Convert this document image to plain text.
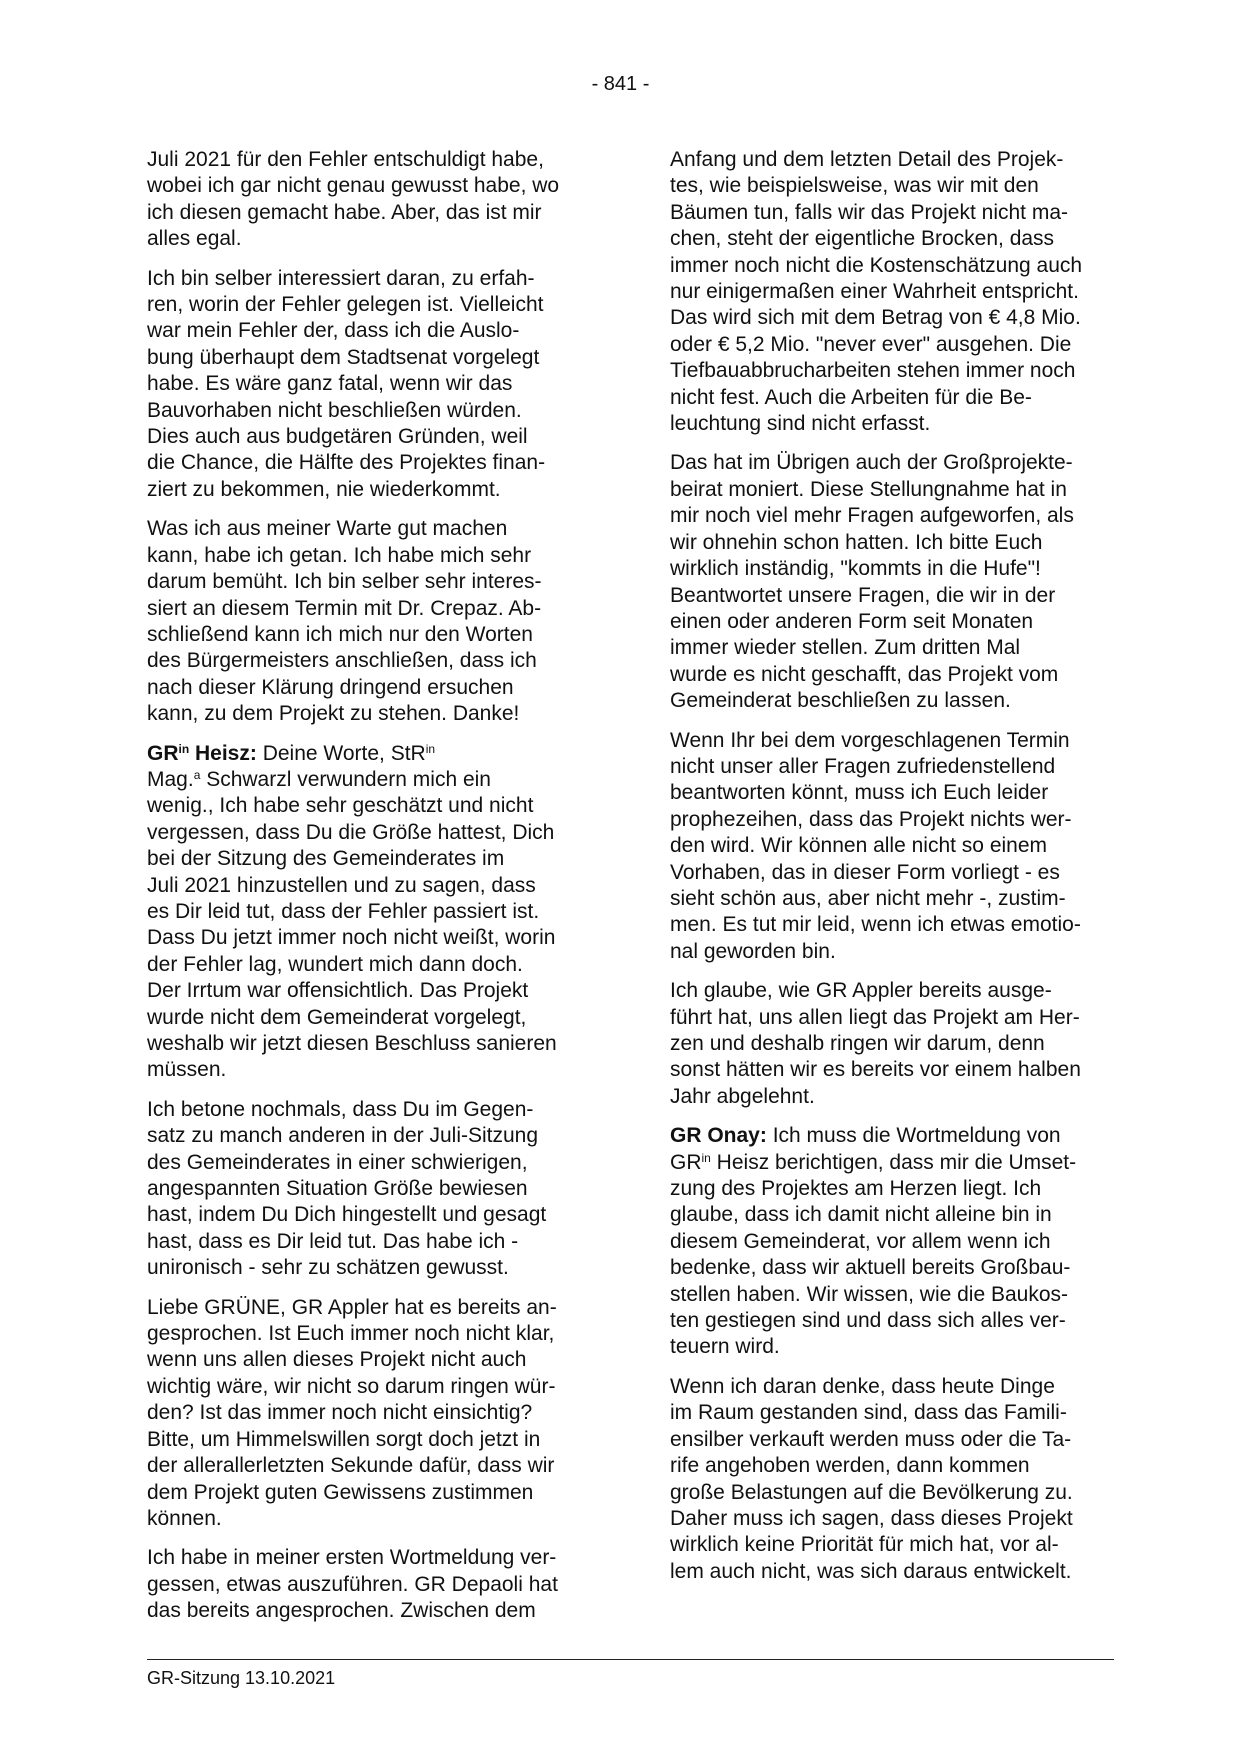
- 841 -

Juli 2021 für den Fehler entschuldigt habe,
wobei ich gar nicht genau gewusst habe, wo
ich diesen gemacht habe. Aber, das ist mir
alles egal.

Ich bin selber interessiert daran, zu erfah-
ren, worin der Fehler gelegen ist. Vielleicht
war mein Fehler der, dass ich die Auslo-
bung überhaupt dem Stadtsenat vorgelegt
habe. Es wäre ganz fatal, wenn wir das
Bauvorhaben nicht beschließen würden.
Dies auch aus budgetären Gründen, weil
die Chance, die Hälfte des Projektes finan-
ziert zu bekommen, nie wiederkommt.

Was ich aus meiner Warte gut machen
kann, habe ich getan. Ich habe mich sehr
darum bemüht. Ich bin selber sehr interes-
siert an diesem Termin mit Dr. Crepaz. Ab-
schließend kann ich mich nur den Worten
des Bürgermeisters anschließen, dass ich
nach dieser Klärung dringend ersuchen
kann, zu dem Projekt zu stehen. Danke!

$GR^{in}$ Heisz: Deine Worte, StR$^{in}$
Mag.$^a$ Schwarzl verwundern mich ein
wenig., Ich habe sehr geschätzt und nicht
vergessen, dass Du die Größe hattest, Dich
bei der Sitzung des Gemeinderates im
Juli 2021 hinzustellen und zu sagen, dass
es Dir leid tut, dass der Fehler passiert ist.
Dass Du jetzt immer noch nicht weißt, worin
der Fehler lag, wundert mich dann doch.
Der Irrtum war offensichtlich. Das Projekt
wurde nicht dem Gemeinderat vorgelegt,
weshalb wir jetzt diesen Beschluss sanieren
müssen.

Ich betone nochmals, dass Du im Gegen-
satz zu manch anderen in der Juli-Sitzung
des Gemeinderates in einer schwierigen,
angespannten Situation Größe bewiesen
hast, indem Du Dich hingestellt und gesagt
hast, dass es Dir leid tut. Das habe ich -
unironisch - sehr zu schätzen gewusst.

Liebe GRÜNE, GR Appler hat es bereits an-
gesprochen. Ist Euch immer noch nicht klar,
wenn uns allen dieses Projekt nicht auch
wichtig wäre, wir nicht so darum ringen wür-
den? Ist das immer noch nicht einsichtig?
Bitte, um Himmelswillen sorgt doch jetzt in
der allerallerletzten Sekunde dafür, dass wir
dem Projekt guten Gewissens zustimmen
können.

Ich habe in meiner ersten Wortmeldung ver-
gessen, etwas auszuführen. GR Depaoli hat
das bereits angesprochen. Zwischen dem

Anfang und dem letzten Detail des Projek-
tes, wie beispielsweise, was wir mit den
Bäumen tun, falls wir das Projekt nicht ma-
chen, steht der eigentliche Brocken, dass
immer noch nicht die Kostenschätzung auch
nur einigermaßen einer Wahrheit entspricht.
Das wird sich mit dem Betrag von € 4,8 Mio.
oder € 5,2 Mio. "never ever" ausgehen. Die
Tiefbauabbrucharbeiten stehen immer noch
nicht fest. Auch die Arbeiten für die Be-
leuchtung sind nicht erfasst.

Das hat im Übrigen auch der Großprojekte-
beirat moniert. Diese Stellungnahme hat in
mir noch viel mehr Fragen aufgeworfen, als
wir ohnehin schon hatten. Ich bitte Euch
wirklich inständig, "kommts in die Hufe"!
Beantwortet unsere Fragen, die wir in der
einen oder anderen Form seit Monaten
immer wieder stellen. Zum dritten Mal
wurde es nicht geschafft, das Projekt vom
Gemeinderat beschließen zu lassen.

Wenn Ihr bei dem vorgeschlagenen Termin
nicht unser aller Fragen zufriedenstellend
beantworten könnt, muss ich Euch leider
prophezeihen, dass das Projekt nichts wer-
den wird. Wir können alle nicht so einem
Vorhaben, das in dieser Form vorliegt - es
sieht schön aus, aber nicht mehr -, zustim-
men. Es tut mir leid, wenn ich etwas emotio-
nal geworden bin.

Ich glaube, wie GR Appler bereits ausge-
führt hat, uns allen liegt das Projekt am Her-
zen und deshalb ringen wir darum, denn
sonst hätten wir es bereits vor einem halben
Jahr abgelehnt.

GR Onay: Ich muss die Wortmeldung von
$GR^{in}$ Heisz berichtigen, dass mir die Umset-
zung des Projektes am Herzen liegt. Ich
glaube, dass ich damit nicht alleine bin in
diesem Gemeinderat, vor allem wenn ich
bedenke, dass wir aktuell bereits Großbau-
stellen haben. Wir wissen, wie die Baukos-
ten gestiegen sind und dass sich alles ver-
teuern wird.

Wenn ich daran denke, dass heute Dinge
im Raum gestanden sind, dass das Famili-
ensilber verkauft werden muss oder die Ta-
rife angehoben werden, dann kommen
große Belastungen auf die Bevölkerung zu.
Daher muss ich sagen, dass dieses Projekt
wirklich keine Priorität für mich hat, vor al-
lem auch nicht, was sich daraus entwickelt.

GR-Sitzung 13.10.2021
